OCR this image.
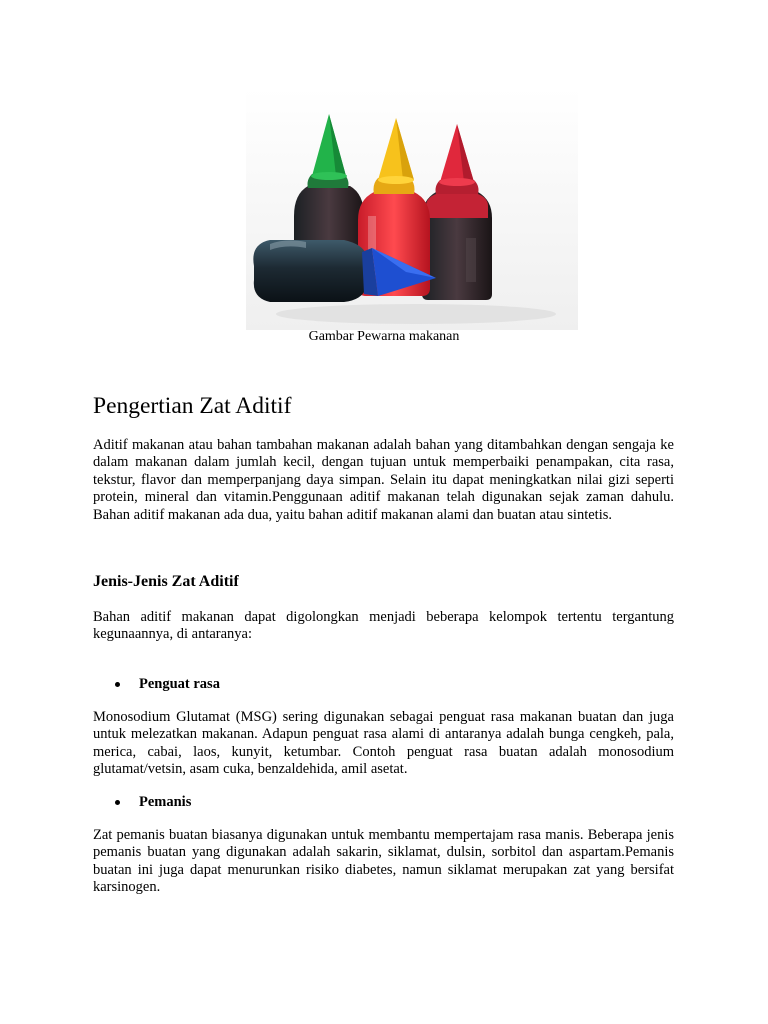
Gambar Pewarna makanan
Pengertian Zat Aditif

Aditif makanan atau bahan tambahan makanan adalah bahan yang ditambahkan dengan sengaja ke dalam makanan dalam jumlah kecil, dengan tujuan untuk memperbaiki penampakan, cita rasa, tekstur, flavor dan memperpanjang daya simpan. Selain itu dapat meningkatkan nilai gizi seperti protein, mineral dan vitamin.Penggunaan aditif makanan telah digunakan sejak zaman dahulu. Bahan aditif makanan ada dua, yaitu bahan aditif makanan alami dan buatan atau sintetis.

Jenis-Jenis Zat Aditif

Bahan aditif makanan dapat digolongkan menjadi beberapa kelompok tertentu tergantung kegunaannya, di antaranya:

Penguat rasa

Monosodium Glutamat (MSG) sering digunakan sebagai penguat rasa makanan buatan dan juga untuk melezatkan makanan. Adapun penguat rasa alami di antaranya adalah bunga cengkeh, pala, merica, cabai, laos, kunyit, ketumbar. Contoh penguat rasa buatan adalah monosodium glutamat/vetsin, asam cuka, benzaldehida, amil asetat.

Pemanis

Zat pemanis buatan biasanya digunakan untuk membantu mempertajam rasa manis. Beberapa jenis pemanis buatan yang digunakan adalah sakarin, siklamat, dulsin, sorbitol dan aspartam.Pemanis buatan ini juga dapat menurunkan risiko diabetes, namun siklamat merupakan zat yang bersifat karsinogen.
